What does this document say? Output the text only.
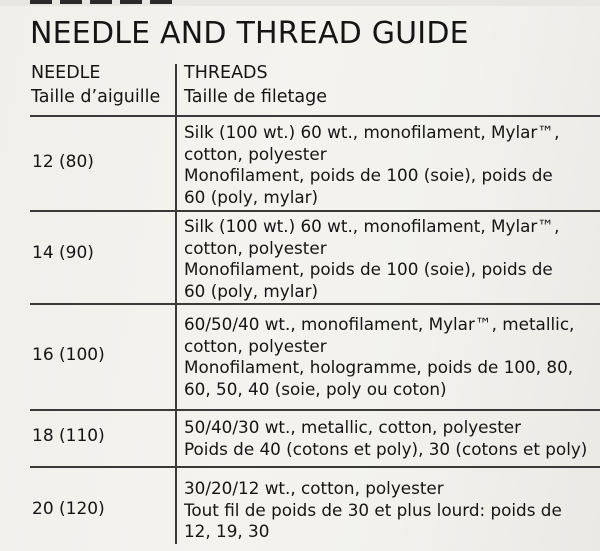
NEEDLE AND THREAD GUIDE
NEEDLE
Taille d’aiguille
THREADS
Taille de filetage
12 (80)
Silk (100 wt.) 60 wt., monofilament, Mylar™,
cotton, polyester
Monofilament, poids de 100 (soie), poids de
60 (poly, mylar)
14 (90)
Silk (100 wt.) 60 wt., monofilament, Mylar™,
cotton, polyester
Monofilament, poids de 100 (soie), poids de
60 (poly, mylar)
16 (100)
60/50/40 wt., monofilament, Mylar™, metallic,
cotton, polyester
Monofilament, hologramme, poids de 100, 80,
60, 50, 40 (soie, poly ou coton)
18 (110)	50/40/30 wt., metallic, cotton, polyester
Poids de 40 (cotons et poly), 30 (cotons et poly)
20 (120)
30/20/12 wt., cotton, polyester
Tout fil de poids de 30 et plus lourd: poids de
12, 19, 30
